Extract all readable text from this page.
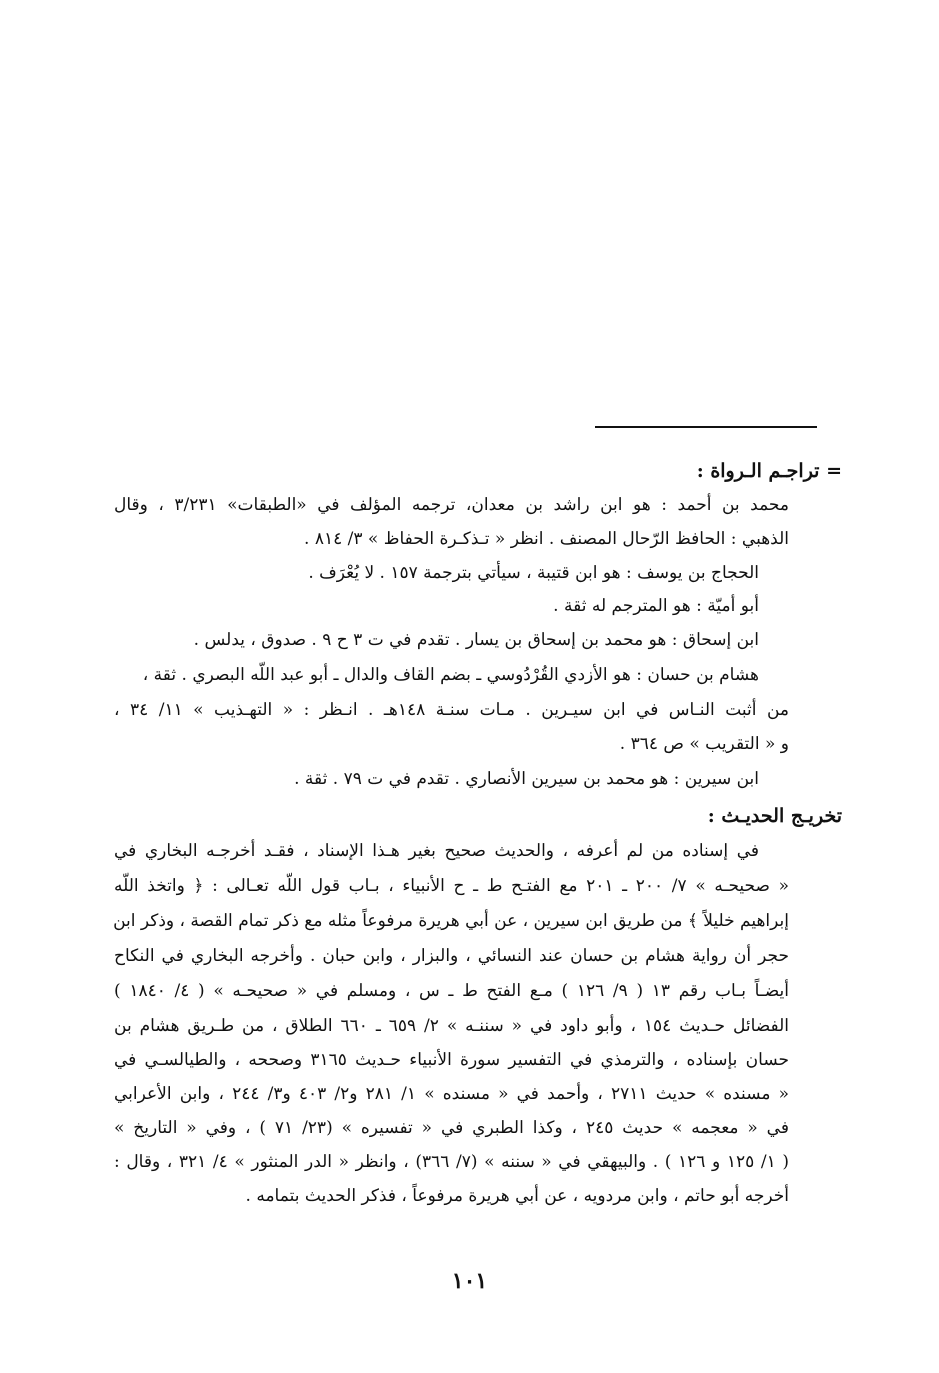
= تراجـم الـرواة :
محمد بن أحمد : هو ابن راشد بن معدان، ترجمه المؤلف في «الطبقات» ٣/٢٣١ ، وقال
الذهبي : الحافظ الرّحال المصنف . انظر « تـذكـرة الحفاظ » ٣/ ٨١٤ .
الحجاج بن يوسف : هو ابن قتيبة ، سيأتي بترجمة ١٥٧ . لا يُعْرَف .
أبو أميّة : هو المترجم له ثقة .
ابن إسحاق : هو محمد بن إسحاق بن يسار . تقدم في ت ٣ ح ٩ . صدوق ، يدلس .
هشام بن حسان : هو الأزدي القُرْدُوسي ـ بضم القاف والدال ـ أبو عبد اللّه البصري . ثقة ،
من أثبت النـاس في ابن سيـرين . مـات سنـة ١٤٨هـ . انـظر : « التهـذيب » ١١/ ٣٤ ،
و « التقريب » ص ٣٦٤ .
ابن سيرين : هو محمد بن سيرين الأنصاري . تقدم في ت ٧٩ . ثقة .
تخريـج الحديـث :
في إسناده من لم أعرفه ، والحديث صحيح بغير هـذا الإسناد ، فقـد أخرجـه البخاري في
« صحيحـه » ٧/ ٢٠٠ ـ ٢٠١ مع الفتـح ط ـ ح الأنبياء ، بـاب قول اللّه تعـالى : ﴿ واتخذ اللّه
إبراهيم خليلاً ﴾ من طريق ابن سيرين ، عن أبي هريرة مرفوعاً مثله مع ذكر تمام القصة ، وذكر ابن
حجر أن رواية هشام بن حسان عند النسائي ، والبزار ، وابن حبان . وأخرجه البخاري في النكاح
أيضـاً بـاب رقم ١٣ ( ٩/ ١٢٦ ) مـع الفتح ط ـ س ، ومسلم في « صحيحـه » ( ٤/ ١٨٤٠ )
الفضائل حـديث ١٥٤ ، وأبو داود في « سننـه » ٢/ ٦٥٩ ـ ٦٦٠ الطلاق ، من طـريق هشام بن
حسان بإسناده ، والترمذي في التفسير سورة الأنبياء حـديث ٣١٦٥ وصححه ، والطيالسـي في
« مسنده » حديث ٢٧١١ ، وأحمد في « مسنده » ١/ ٢٨١ و٢/ ٤٠٣ و٣/ ٢٤٤ ، وابن الأعرابي
في « معجمه » حديث ٢٤٥ ، وكذا الطبري في « تفسيره » (٢٣/ ٧١ ) ، وفي « التاريخ »
( ١/ ١٢٥ و ١٢٦ ) . والبيهقي في « سننه » (٧/ ٣٦٦) ، وانظر « الدر المنثور » ٤/ ٣٢١ ، وقال :
أخرجه أبو حاتم ، وابن مردويه ، عن أبي هريرة مرفوعاً ، فذكر الحديث بتمامه .
١٠١
